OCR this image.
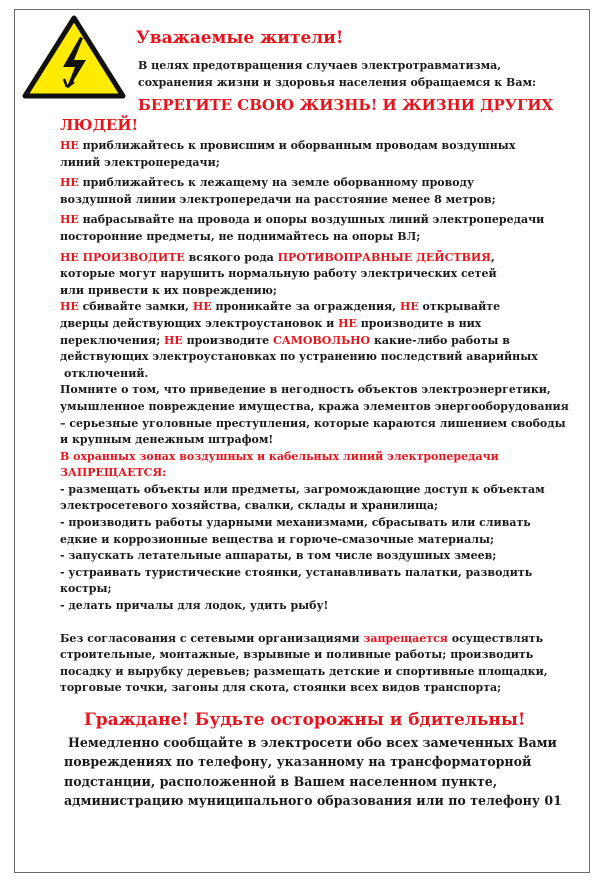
Уважаемые жители!
В целях предотвращения случаев электротравматизма,
сохранения жизни и здоровья населения обращаемся к Вам:
БЕРЕГИТЕ СВОЮ ЖИЗНЬ! И ЖИЗНИ ДРУГИХ
ЛЮДЕЙ!
НЕ приближайтесь к провисшим и оборванным проводам воздушных
линий электропередачи;
НЕ приближайтесь к лежащему на земле оборванному проводу
воздушной линии электропередачи на расстояние менее 8 метров;
НЕ набрасывайте на провода и опоры воздушных линий электропередачи
посторонние предметы, не поднимайтесь на опоры ВЛ;
НЕ ПРОИЗВОДИТЕ всякого рода ПРОТИВОПРАВНЫЕ ДЕЙСТВИЯ,
которые могут нарушить нормальную работу электрических сетей
или привести к их повреждению;
НЕ сбивайте замки, НЕ проникайте за ограждения, НЕ открывайте
дверцы действующих электроустановок и НЕ производите в них
переключения; НЕ производите САМОВОЛЬНО какие-либо работы в
действующих электроустановках по устранению последствий аварийных
отключений.
Помните о том, что приведение в негодность объектов электроэнергетики,
умышленное повреждение имущества, кража элементов энергооборудования
– серьезные уголовные преступления, которые караются лишением свободы
и крупным денежным штрафом!
В охранных зонах воздушных и кабельных линий электропередачи
ЗАПРЕЩАЕТСЯ:
- размещать объекты или предметы, загромождающие доступ к объектам
электросетевого хозяйства, свалки, склады и хранилища;
- производить работы ударными механизмами, сбрасывать или сливать
едкие и коррозионные вещества и горюче-смазочные материалы;
- запускать летательные аппараты, в том числе воздушных змеев;
- устраивать туристические стоянки, устанавливать палатки, разводить
костры;
- делать причалы для лодок, удить рыбу!
Без согласования с сетевыми организациями запрещается осуществлять
строительные, монтажные, взрывные и поливные работы; производить
посадку и вырубку деревьев; размещать детские и спортивные площадки,
торговые точки, загоны для скота, стоянки всех видов транспорта;
Граждане! Будьте осторожны и бдительны!
Немедленно сообщайте в электросети обо всех замеченных Вами
повреждениях по телефону, указанному на трансформаторной
подстанции, расположенной в Вашем населенном пункте,
администрацию муниципального образования или по телефону 01
